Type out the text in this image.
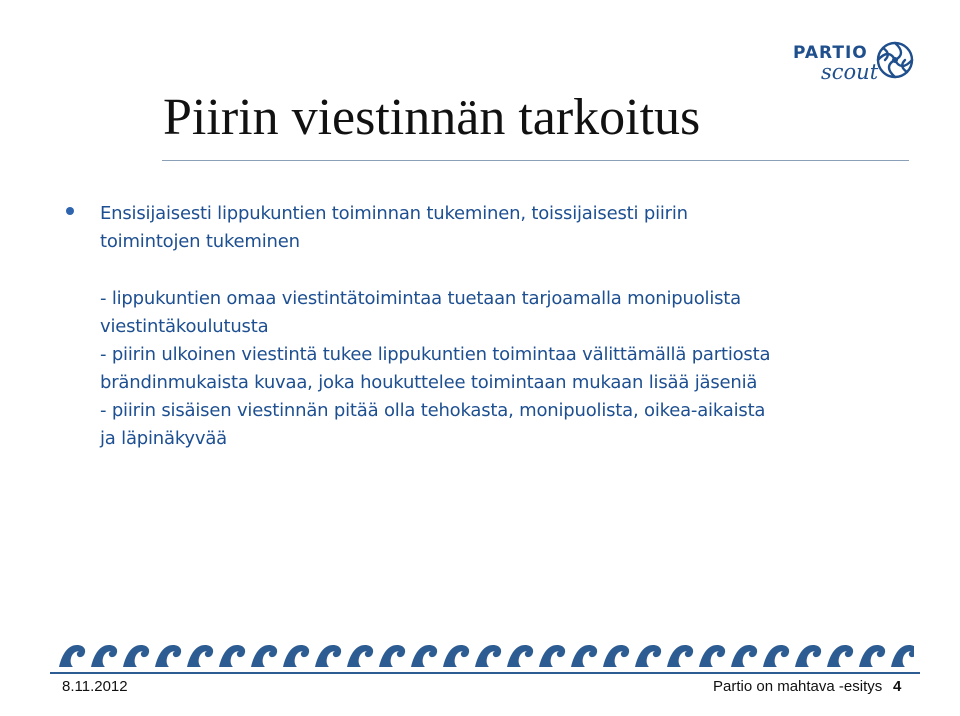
PARTIO
scout
Piirin viestinnän tarkoitus
Ensisijaisesti lippukuntien toiminnan tukeminen, toissijaisesti piirin
toimintojen tukeminen
- lippukuntien omaa viestintätoimintaa tuetaan tarjoamalla monipuolista
viestintäkoulutusta
- piirin ulkoinen viestintä tukee lippukuntien toimintaa välittämällä partiosta
brändinmukaista kuvaa, joka houkuttelee toimintaan mukaan lisää jäseniä
- piirin sisäisen viestinnän pitää olla tehokasta, monipuolista, oikea-aikaista
ja läpinäkyvää
8.11.2012	Partio on mahtava -esitys 4
